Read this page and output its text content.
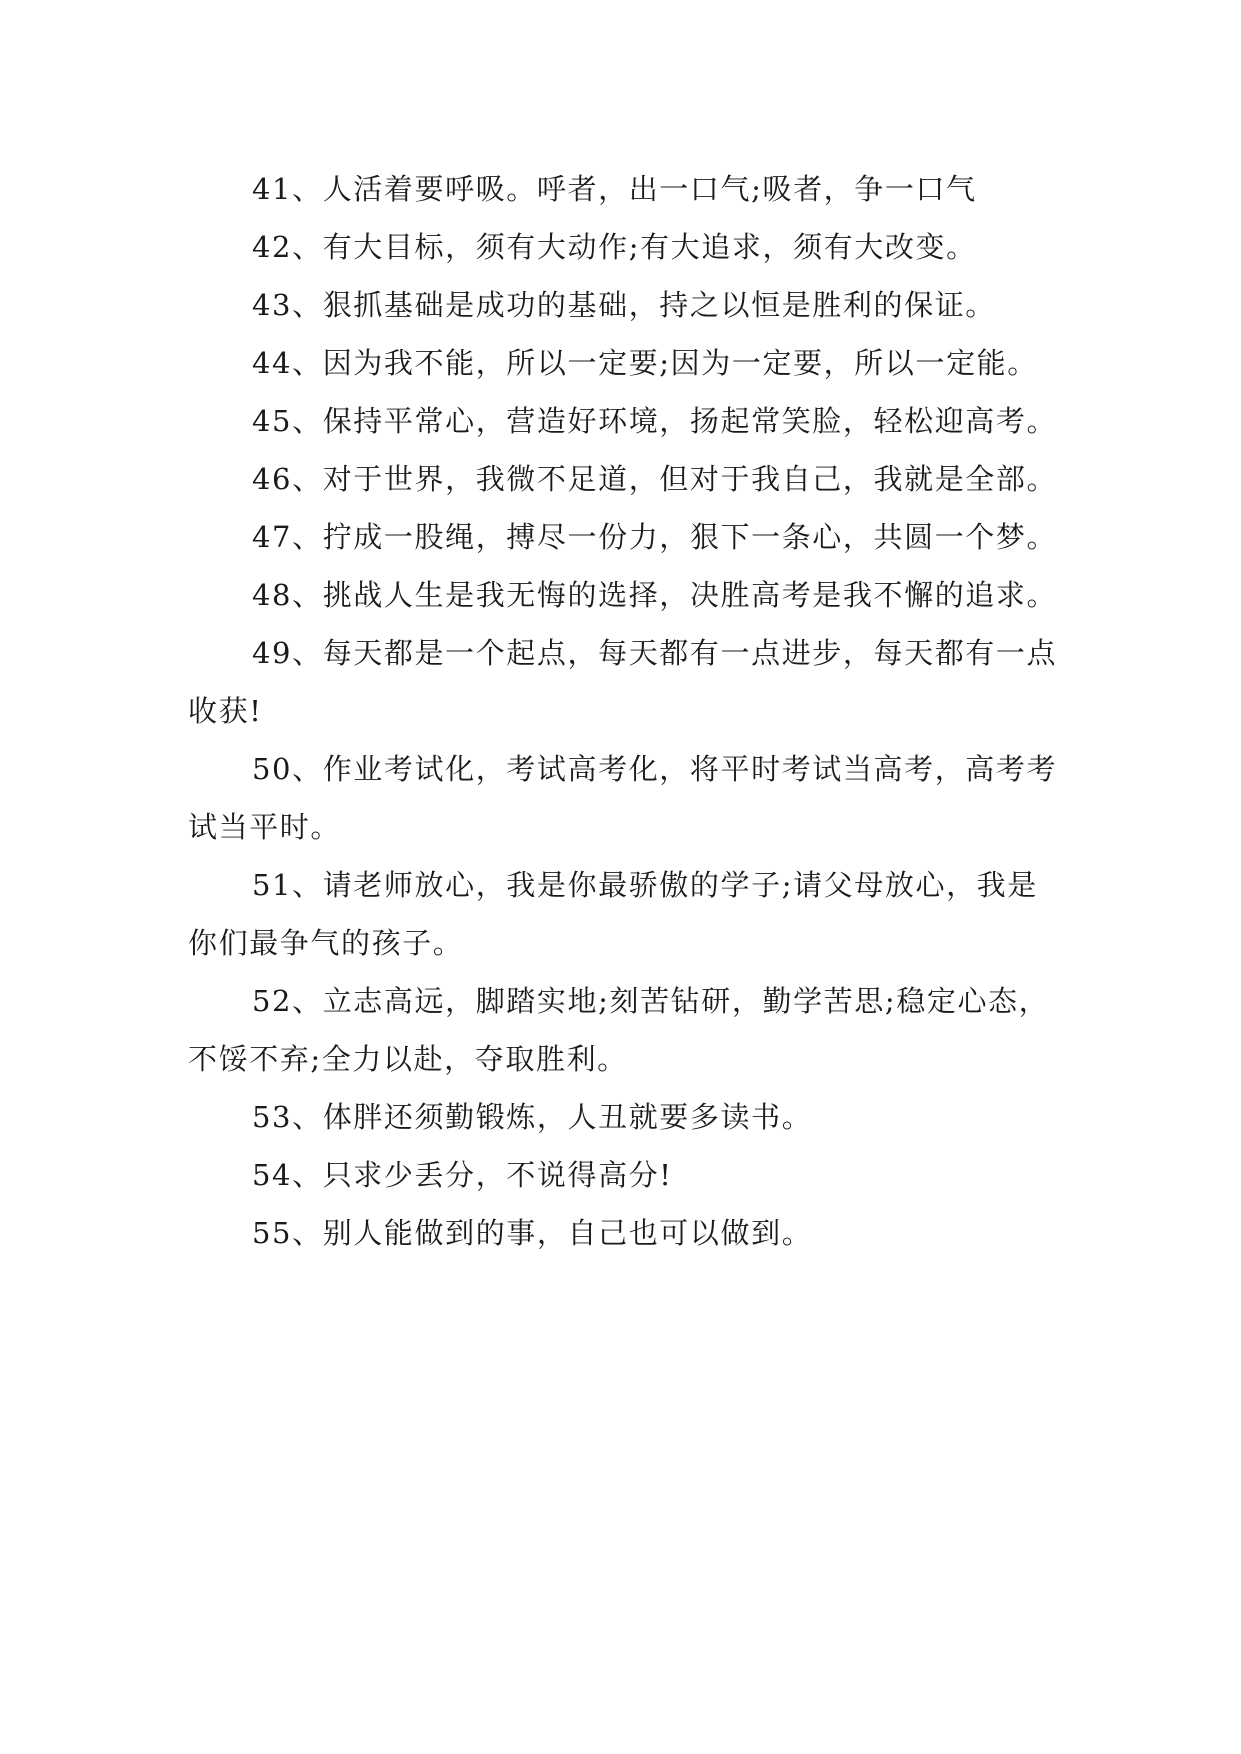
41、人活着要呼吸。呼者，出一口气;吸者，争一口气

42、有大目标，须有大动作;有大追求，须有大改变。

43、狠抓基础是成功的基础，持之以恒是胜利的保证。

44、因为我不能，所以一定要;因为一定要，所以一定能。

45、保持平常心，营造好环境，扬起常笑脸，轻松迎高考。

46、对于世界，我微不足道，但对于我自己，我就是全部。

47、拧成一股绳，搏尽一份力，狠下一条心，共圆一个梦。

48、挑战人生是我无悔的选择，决胜高考是我不懈的追求。

49、每天都是一个起点，每天都有一点进步，每天都有一点收获!

50、作业考试化，考试高考化，将平时考试当高考，高考考试当平时。

51、请老师放心，我是你最骄傲的学子;请父母放心，我是你们最争气的孩子。

52、立志高远，脚踏实地;刻苦钻研，勤学苦思;稳定心态，不馁不弃;全力以赴，夺取胜利。

53、体胖还须勤锻炼，人丑就要多读书。

54、只求少丢分，不说得高分!

55、别人能做到的事，自己也可以做到。
